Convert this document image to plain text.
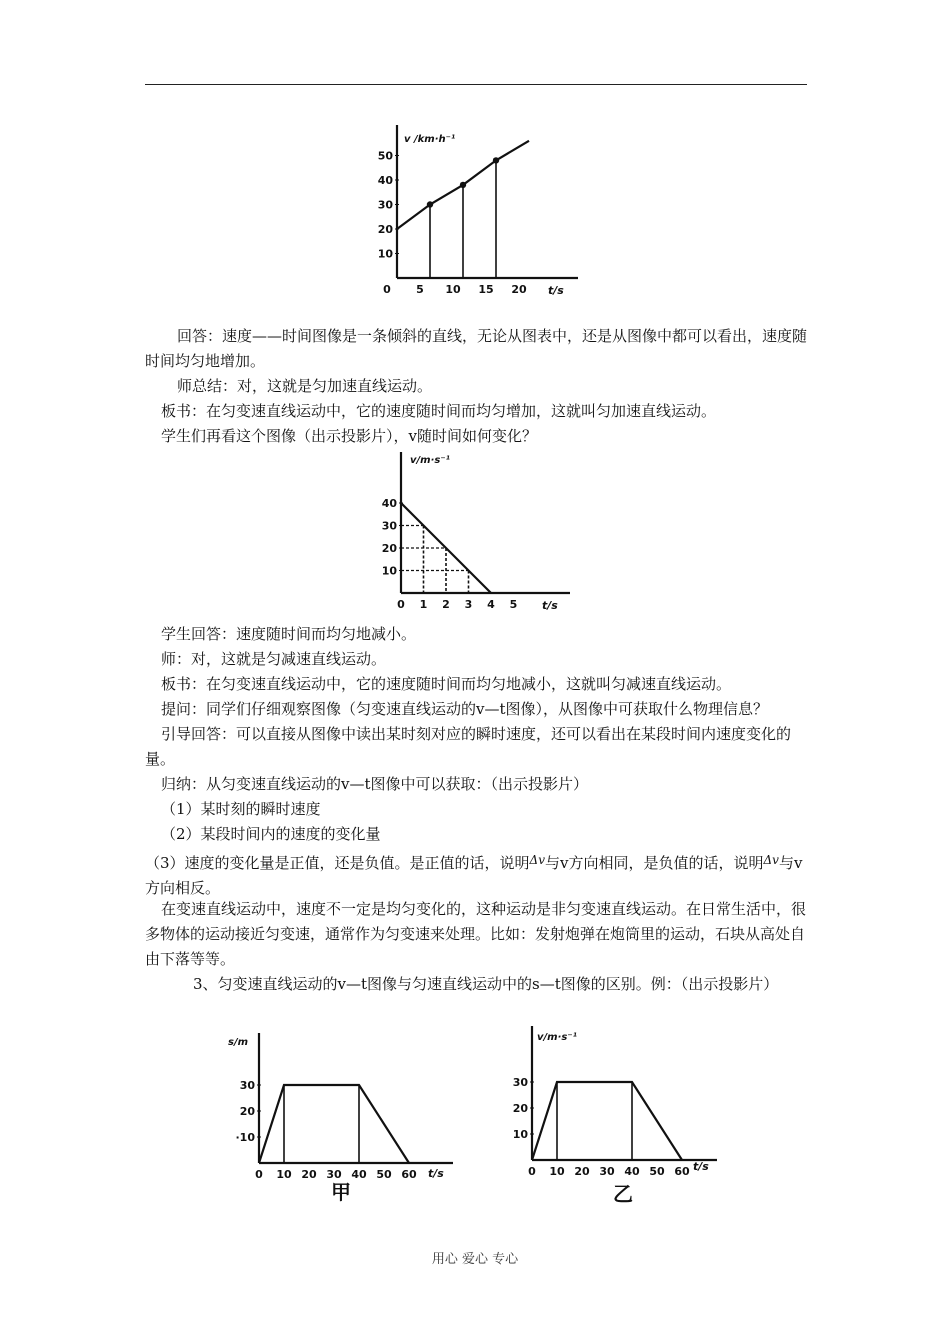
10
20
30
40
50
0 5 10 15 20
v /km·h⁻¹
t/s
回答：速度——时间图像是一条倾斜的直线，无论从图表中，还是从图像中都可以看出，速度随时间均匀地增加。
师总结：对，这就是匀加速直线运动。
板书：在匀变速直线运动中，它的速度随时间而均匀增加，这就叫匀加速直线运动。
学生们再看这个图像（出示投影片），v随时间如何变化？
10
20
30
40
0 1 2 3 4 5
v/m·s⁻¹
t/s
学生回答：速度随时间而均匀地减小。
师：对，这就是匀减速直线运动。
板书：在匀变速直线运动中，它的速度随时间而均匀地减小，这就叫匀减速直线运动。
提问：同学们仔细观察图像（匀变速直线运动的v—t图像），从图像中可获取什么物理信息？
引导回答：可以直接从图像中读出某时刻对应的瞬时速度，还可以看出在某段时间内速度变化的量。
归纳：从匀变速直线运动的v—t图像中可以获取：（出示投影片）
（1）某时刻的瞬时速度
（2）某段时间内的速度的变化量
（3）速度的变化量是正值，还是负值。是正值的话，说明$^{\Delta v}$与v方向相同，是负值的话，说明$^{\Delta v}$与v方向相反。
在变速直线运动中，速度不一定是均匀变化的，这种运动是非匀变速直线运动。在日常生活中，很多物体的运动接近匀变速，通常作为匀变速来处理。比如：发射炮弹在炮筒里的运动，石块从高处自由下落等等。
3、匀变速直线运动的v—t图像与匀速直线运动中的s—t图像的区别。例：（出示投影片）
·10
20
30
0 10 20 30 40 50 60
s/m
t/s
甲
10
20
30
0 10 20 30 40 50 60
v/m·s⁻¹
t/s
乙
用心 爱心 专心
